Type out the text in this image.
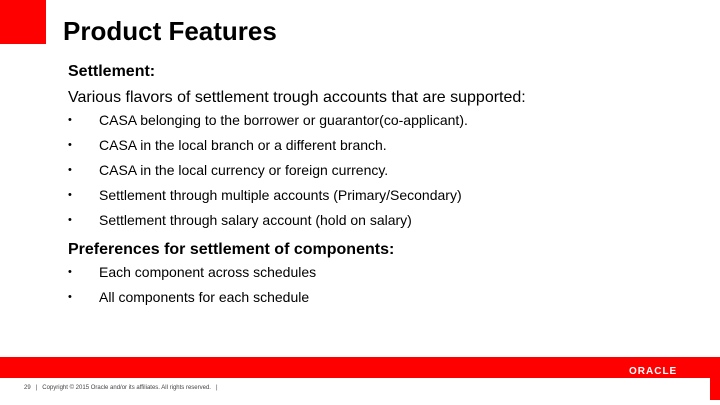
Product Features
Settlement:
Various flavors of settlement trough accounts that are supported:
• CASA belonging to the borrower or guarantor(co-applicant).
• CASA in the local branch or a different branch.
• CASA in the local currency or foreign currency.
• Settlement through multiple accounts (Primary/Secondary)
• Settlement through salary account (hold on salary)
Preferences for settlement of components:
• Each component across schedules
• All components for each schedule
ORACLE
29 | Copyright © 2015 Oracle and/or its affiliates. All rights reserved. |
